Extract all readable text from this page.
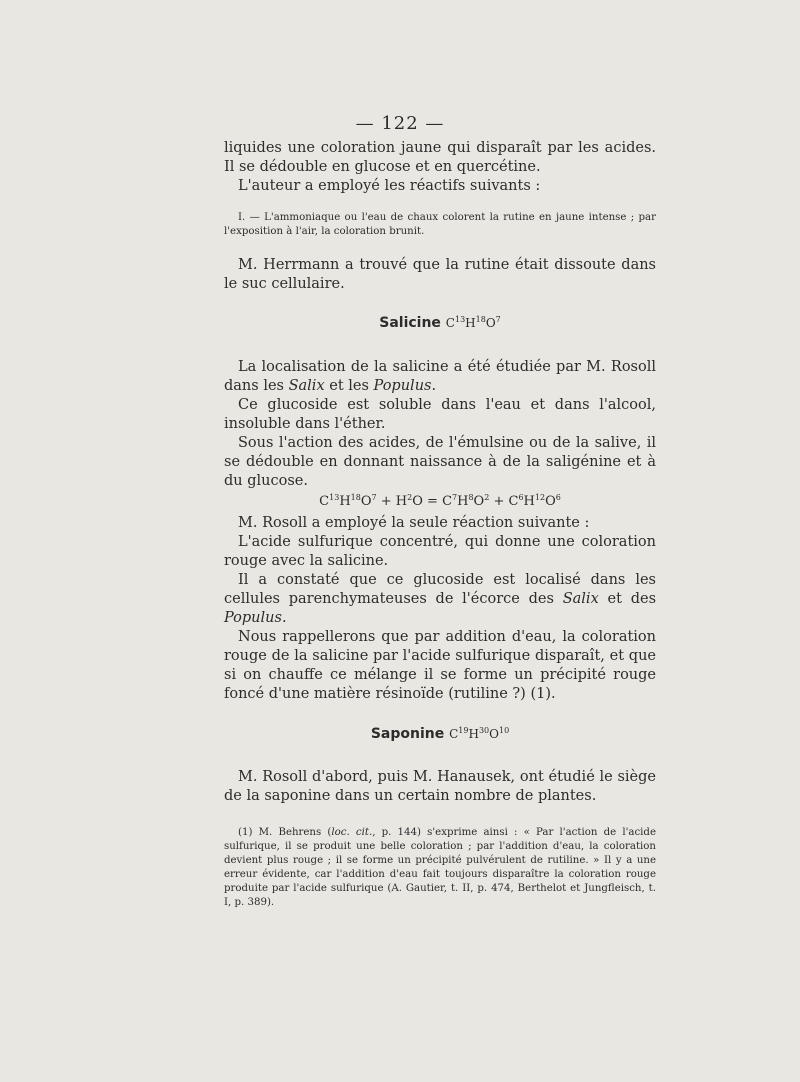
— 122 —

liquides une coloration jaune qui disparaît par les acides. Il se dédouble en glucose et en quercétine.

L'auteur a employé les réactifs suivants :

I. — L'ammoniaque ou l'eau de chaux colorent la rutine en jaune intense ; par l'exposition à l'air, la coloration brunit.

M. Herrmann a trouvé que la rutine était dissoute dans le suc cellulaire.

Salicine $C^{13}H^{18}O^7$

La localisation de la salicine a été étudiée par M. Rosoll dans les Salix et les Populus.

Ce glucoside est soluble dans l'eau et dans l'alcool, insoluble dans l'éther.

Sous l'action des acides, de l'émulsine ou de la salive, il se dédouble en donnant naissance à de la saligénine et à du glucose.

$C^{13}H^{18}O^7 + H^2O = C^7H^8O^2 + C^6H^{12}O^6$

M. Rosoll a employé la seule réaction suivante :

L'acide sulfurique concentré, qui donne une coloration rouge avec la salicine.

Il a constaté que ce glucoside est localisé dans les cellules parenchymateuses de l'écorce des Salix et des Populus.

Nous rappellerons que par addition d'eau, la coloration rouge de la salicine par l'acide sulfurique disparaît, et que si on chauffe ce mélange il se forme un précipité rouge foncé d'une matière résinoïde (rutiline ?) (1).

Saponine $C^{19}H^{30}O^{10}$

M. Rosoll d'abord, puis M. Hanausek, ont étudié le siège de la saponine dans un certain nombre de plantes.

(1) M. Behrens (loc. cit., p. 144) s'exprime ainsi : « Par l'action de l'acide sulfurique, il se produit une belle coloration ; par l'addition d'eau, la coloration devient plus rouge ; il se forme un précipité pulvérulent de rutiline. » Il y a une erreur évidente, car l'addition d'eau fait toujours disparaître la coloration rouge produite par l'acide sulfurique (A. Gautier, t. II, p. 474, Berthelot et Jungfleisch, t. I, p. 389).
